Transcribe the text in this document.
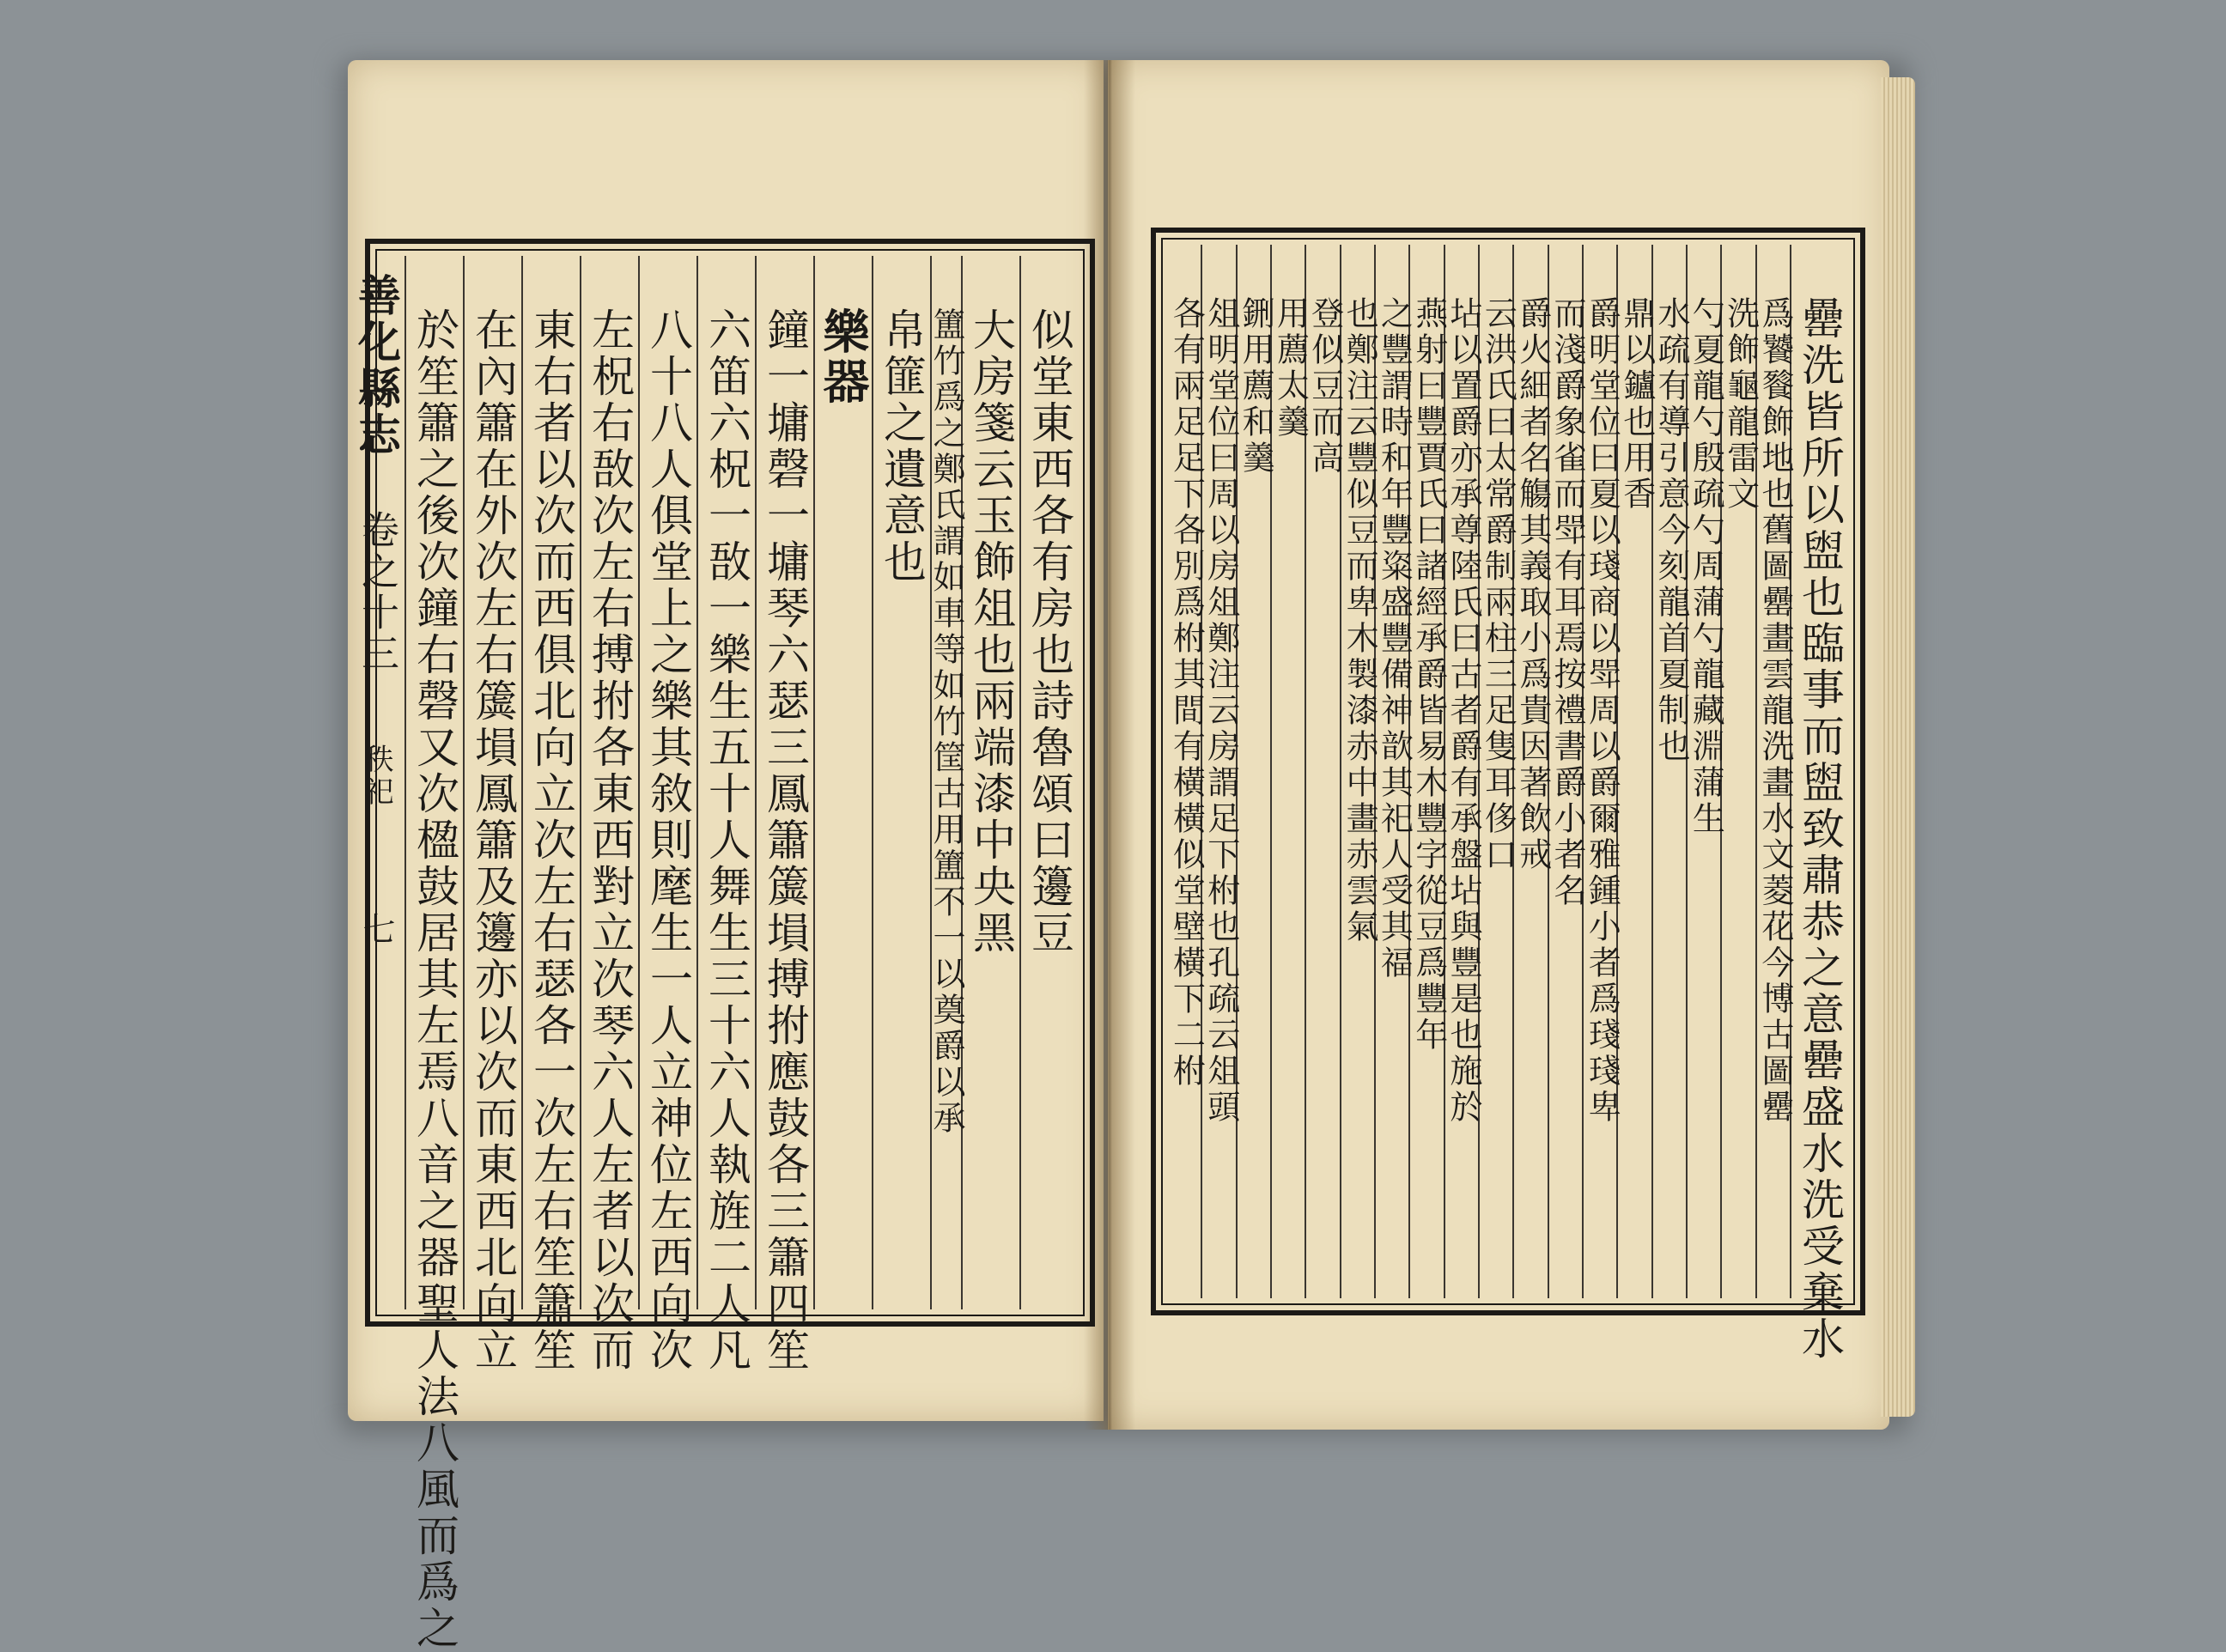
似堂東西各有房也詩魯頌曰籩豆
大房箋云玉飾俎也兩端漆中央黑
簠竹爲之鄭氏謂如車等如竹筐古用簠不一以奠爵以承
帛篚之遺意也
樂器
鐘一墉磬一墉琴六瑟三鳳簫簴塤搏拊應鼓各三簫四笙
六笛六柷一敔一樂生五十人舞生三十六人執旌二人凡
八十八人俱堂上之樂其敘則麾生一人立神位左西向次
左柷右敔次左右搏拊各東西對立次琴六人左者以次而
東右者以次而西俱北向立次左右瑟各一次左右笙簫笙
在內簫在外次左右簴塤鳳簫及籩亦以次而東西北向立
於笙簫之後次鐘右磬又次楹鼓居其左焉八音之器聖人法八風而爲之
善化縣志卷之十三秩祀七	罍洗皆所以盥也臨事而盥致肅恭之意罍盛水洗受棄水
爲饕餮飾地也舊圖罍畫雲龍洗畫水文菱花今博古圖罍
洗飾龜龍雷文
勺夏龍勺殷疏勺周蒲勺龍藏淵蒲生
水疏有導引意今刻龍首夏制也
鼎以鑪也用香
爵明堂位曰夏以琖商以斝周以爵爾雅鍾小者爲琖琖卑
而淺爵象雀而斝有耳焉按禮書爵小者名
爵火細者名觴其義取小爲貴因著飲戒
云洪氏曰太常爵制兩柱三足隻耳侈口
坫以置爵亦承尊陸氏曰古者爵有承盤坫與豐是也施於
燕射曰豐賈氏曰諸經承爵皆易木豐字從豆爲豐年
之豐謂時和年豐粢盛豐備神歆其祀人受其福
也鄭注云豐似豆而卑木製漆赤中畫赤雲氣
登似豆而高
用薦太羹
鉶用薦和羹
俎明堂位曰周以房俎鄭注云房謂足下柎也孔疏云俎頭
各有兩足足下各別爲柎其間有橫橫似堂壁橫下二柎
